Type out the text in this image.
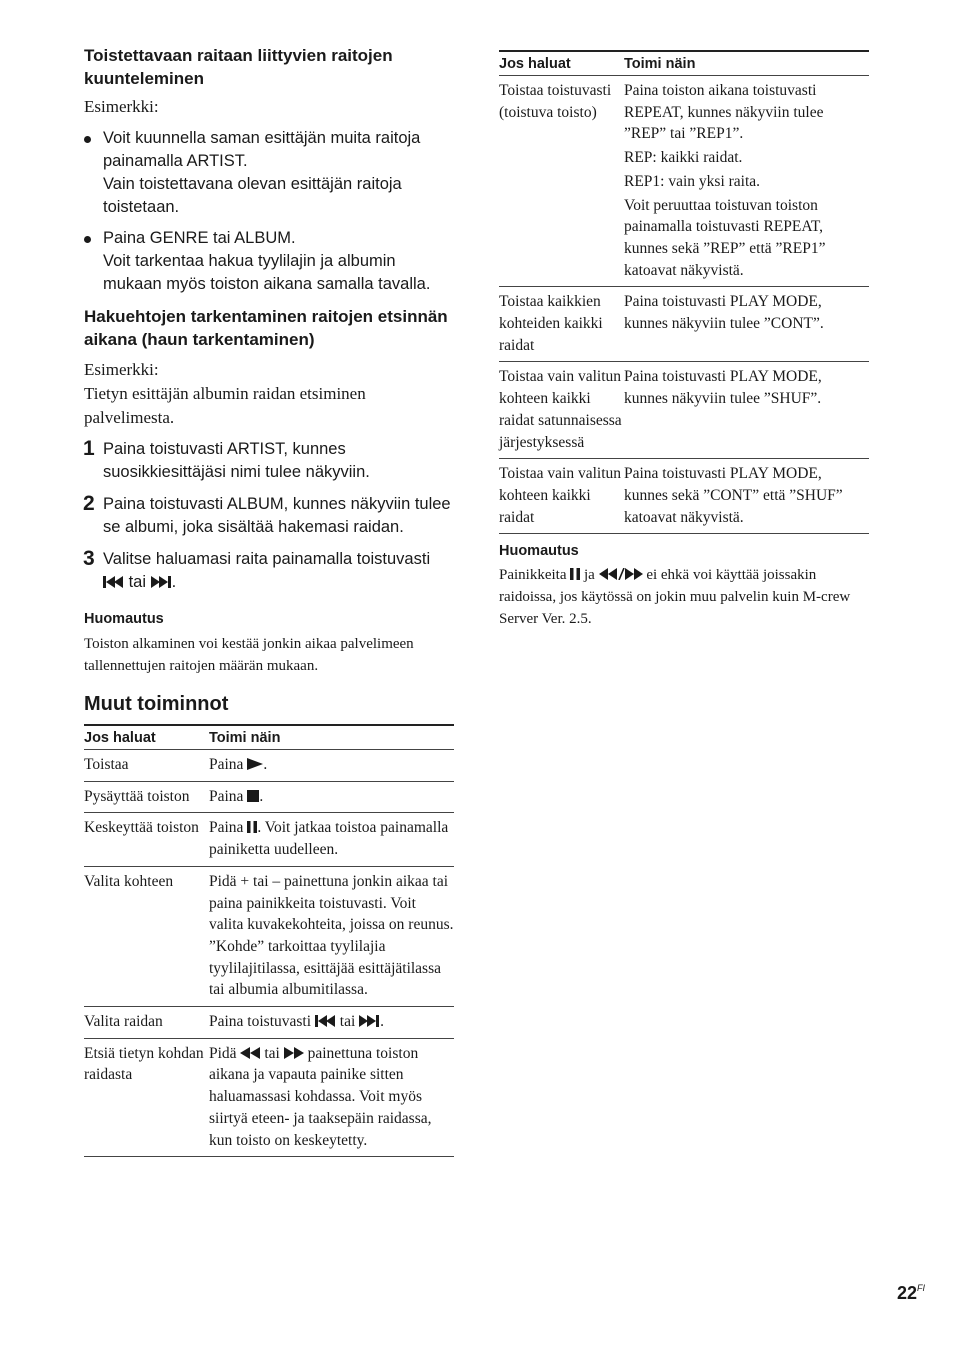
Toistettavaan raitaan liittyvien raitojen kuunteleminen

Esimerkki:

Voit kuunnella saman esittäjän muita raitoja painamalla ARTIST.

Vain toistettavana olevan esittäjän raitoja toistetaan.

Paina GENRE tai ALBUM.

Voit tarkentaa hakua tyylilajin ja albumin mukaan myös toiston aikana samalla tavalla.

Hakuehtojen tarkentaminen raitojen etsinnän aikana (haun tarkentaminen)

Esimerkki:

Tietyn esittäjän albumin raidan etsiminen palvelimesta.

1 Paina toistuvasti ARTIST, kunnes suosikkiesittäjäsi nimi tulee näkyviin.

2 Paina toistuvasti ALBUM, kunnes näkyviin tulee se albumi, joka sisältää hakemasi raidan.

3 Valitse haluamasi raita painamalla toistuvasti  tai .

Huomautus

Toiston alkaminen voi kestää jonkin aikaa palvelimeen tallennettujen raitojen määrän mukaan.

Muut toiminnot
Jos haluat	Toimi näin
Toistaa	Paina .
Pysäyttää toiston	Paina .
Keskeyttää toiston	Paina . Voit jatkaa toistoa painamalla painiketta uudelleen.
Valita kohteen	Pidä + tai – painettuna jonkin aikaa tai paina painikkeita toistuvasti. Voit valita kuvakekohteita, joissa on reunus. ”Kohde” tarkoittaa tyylilajia tyylilajitilassa, esittäjää esittäjätilassa tai albumia albumitilassa.
Valita raidan	Paina toistuvasti tai .
Etsiä tietyn kohdan raidasta	Pidä tai painettuna toiston aikana ja vapauta painike sitten haluamassasi kohdassa. Voit myös siirtyä eteen- ja taaksepäin raidassa, kun toisto on keskeytetty.
Jos haluat	Toimi näin
Toistaa toistuvasti (toistuva toisto)	Paina toiston aikana toistuvasti REPEAT, kunnes näkyviin tulee ”REP” tai ”REP1”.

REP: kaikki raidat.

REP1: vain yksi raita.

Voit peruuttaa toistuvan toiston painamalla toistuvasti REPEAT, kunnes sekä ”REP” että ”REP1” katoavat näkyvistä.

Toistaa kaikkien kohteiden kaikki raidat	Paina toistuvasti PLAY MODE, kunnes näkyviin tulee ”CONT”.

Toistaa vain valitun kohteen kaikki raidat satunnaisessa järjestyksessä	Paina toistuvasti PLAY MODE, kunnes näkyviin tulee ”SHUF”.

Toistaa vain valitun kohteen kaikki raidat	Paina toistuvasti PLAY MODE, kunnes sekä ”CONT” että ”SHUF” katoavat näkyvistä.

Huomautus

Painikkeita ja	ei ehkä voi käyttää joissakin raidoissa, jos käytössä on jokin muu palvelin kuin M-crew Server Ver. 2.5.

$22^{FI}$
